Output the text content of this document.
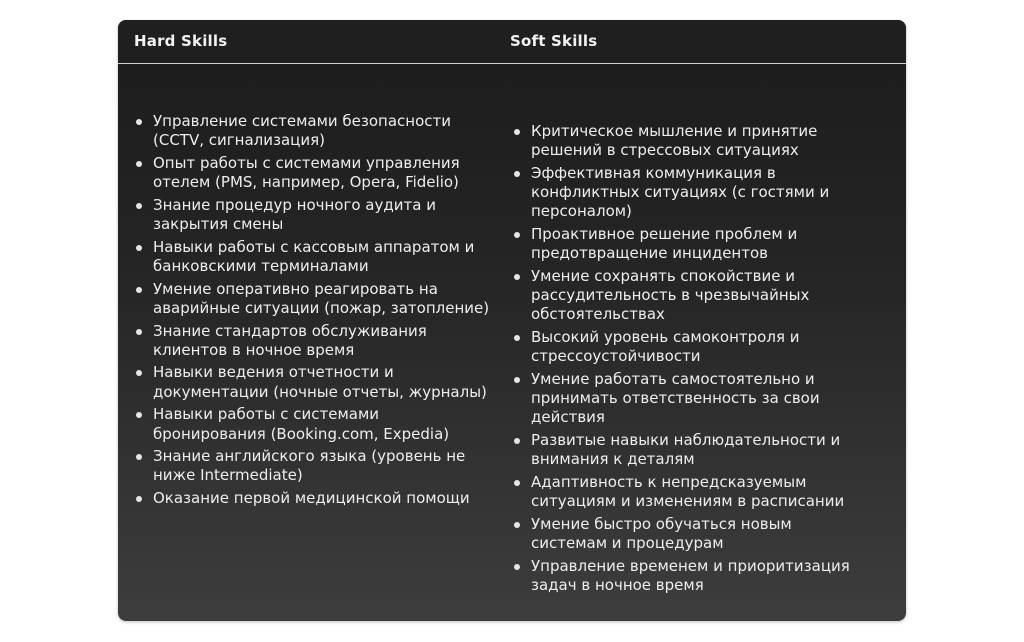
Hard Skills	Soft Skills
Управление системами безопасности (CCTV, сигнализация)
Опыт работы с системами управления отелем (PMS, например, Opera, Fidelio)
Знание процедур ночного аудита и закрытия смены
Навыки работы с кассовым аппаратом и банковскими терминалами
Умение оперативно реагировать на аварийные ситуации (пожар, затопление)
Знание стандартов обслуживания клиентов в ночное время
Навыки ведения отчетности и документации (ночные отчеты, журналы)
Навыки работы с системами бронирования (Booking.com, Expedia)
Знание английского языка (уровень не ниже Intermediate)
Оказание первой медицинской помощи
Критическое мышление и принятие решений в стрессовых ситуациях
Эффективная коммуникация в конфликтных ситуациях (с гостями и персоналом)
Проактивное решение проблем и предотвращение инцидентов
Умение сохранять спокойствие и рассудительность в чрезвычайных обстоятельствах
Высокий уровень самоконтроля и стрессоустойчивости
Умение работать самостоятельно и принимать ответственность за свои действия
Развитые навыки наблюдательности и внимания к деталям
Адаптивность к непредсказуемым ситуациям и изменениям в расписании
Умение быстро обучаться новым системам и процедурам
Управление временем и приоритизация задач в ночное время
